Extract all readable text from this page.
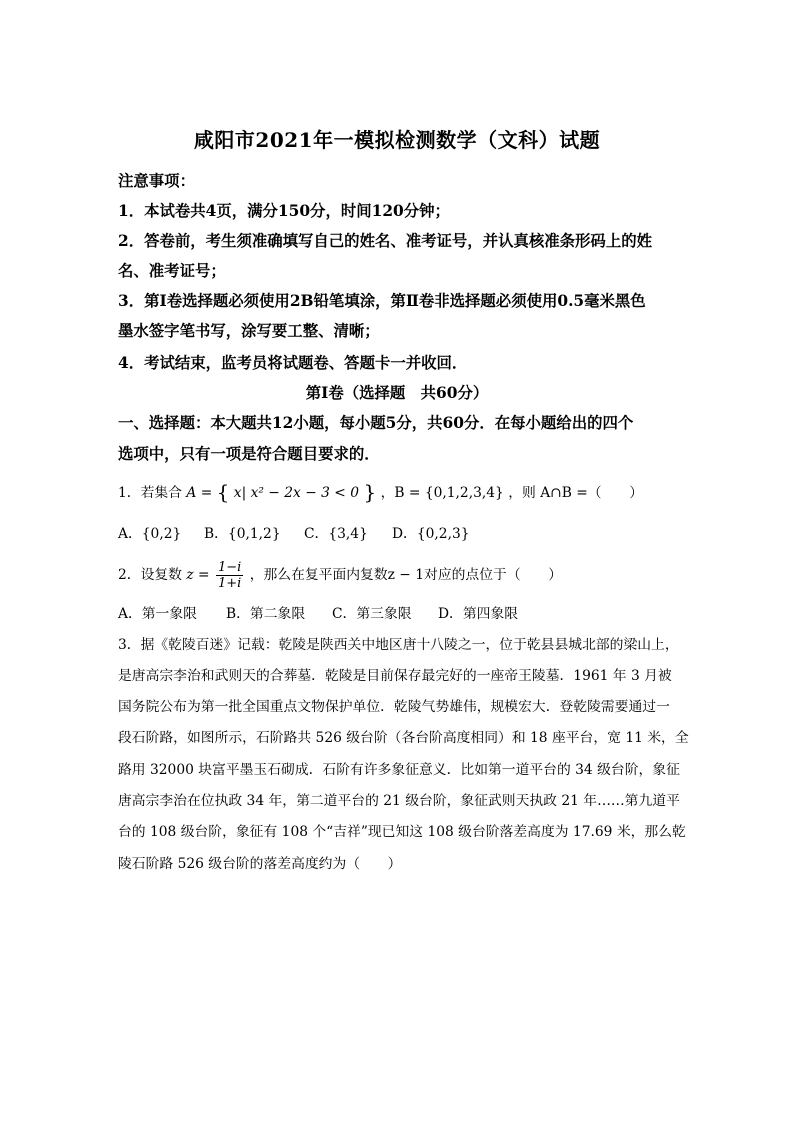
咸阳市2021年一模拟检测数学（文科）试题
注意事项：
1．本试卷共4页，满分150分，时间120分钟；
2．答卷前，考生须准确填写自己的姓名、准考证号，并认真核准条形码上的姓
名、准考证号；
3．第Ⅰ卷选择题必须使用2B铅笔填涂，第Ⅱ卷非选择题必须使用0.5毫米黑色
墨水签字笔书写，涂写要工整、清晰；
4．考试结束，监考员将试题卷、答题卡一并收回．
第Ⅰ卷（选择题　共60分）
一、选择题：本大题共12小题，每小题5分，共60分．在每小题给出的四个
选项中，只有一项是符合题目要求的．
1．若集合 A = { x| x² − 2x − 3 < 0 } ，B = {0,1,2,3,4} ，则 A∩B =（　　）
A．{0,2} B．{0,1,2} C．{3,4} D．{0,2,3}
2．设复数 $z = \frac{1-i}{1+i}$ ，那么在复平面内复数z − 1对应的点位于（　　）
A．第一象限 B．第二象限 C．第三象限 D．第四象限
3．据《乾陵百迷》记载：乾陵是陕西关中地区唐十八陵之一，位于乾县县城北部的梁山上，
是唐高宗李治和武则天的合葬墓．乾陵是目前保存最完好的一座帝王陵墓．1961 年 3 月被
国务院公布为第一批全国重点文物保护单位．乾陵气势雄伟，规模宏大．登乾陵需要通过一
段石阶路，如图所示，石阶路共 526 级台阶（各台阶高度相同）和 18 座平台，宽 11 米，全
路用 32000 块富平墨玉石砌成．石阶有许多象征意义．比如第一道平台的 34 级台阶，象征
唐高宗李治在位执政 34 年，第二道平台的 21 级台阶，象征武则天执政 21 年……第九道平
台的 108 级台阶，象征有 108 个“吉祥”现已知这 108 级台阶落差高度为 17.69 米，那么乾
陵石阶路 526 级台阶的落差高度约为（　　）
